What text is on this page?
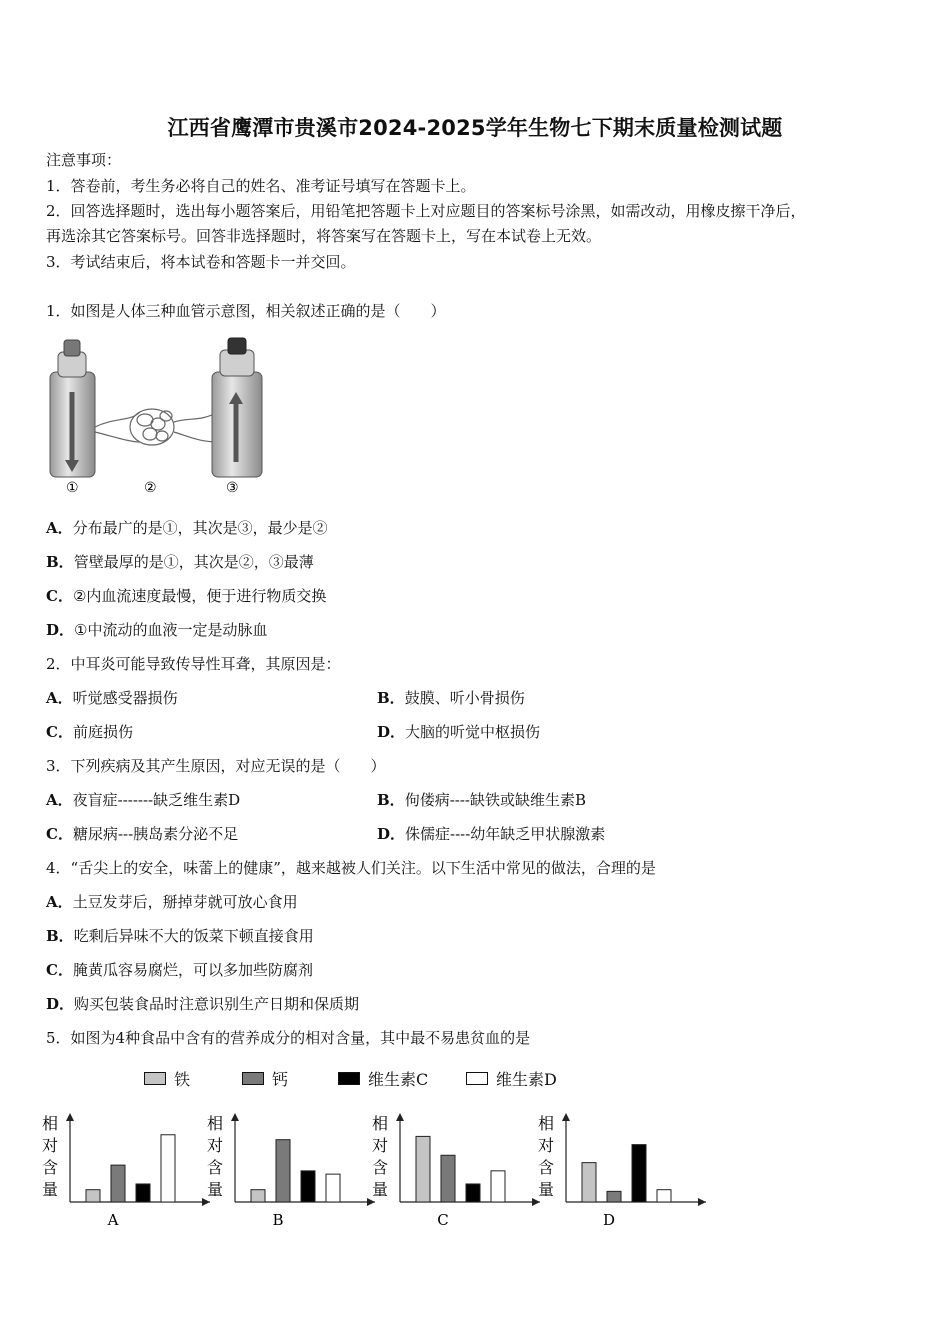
江西省鹰潭市贵溪市2024-2025学年生物七下期末质量检测试题
注意事项：
1．答卷前，考生务必将自己的姓名、准考证号填写在答题卡上。
2．回答选择题时，选出每小题答案后，用铅笔把答题卡上对应题目的答案标号涂黑，如需改动，用橡皮擦干净后，
再选涂其它答案标号。回答非选择题时，将答案写在答题卡上，写在本试卷上无效。
3．考试结束后，将本试卷和答题卡一并交回。
1．如图是人体三种血管示意图，相关叙述正确的是（　　）
①	②	③
A．分布最广的是①，其次是③，最少是②
B．管壁最厚的是①，其次是②，③最薄
C．②内血流速度最慢，便于进行物质交换
D．①中流动的血液一定是动脉血
2．中耳炎可能导致传导性耳聋，其原因是：
A．听觉感受器损伤	B．鼓膜、听小骨损伤
C．前庭损伤	D．大脑的听觉中枢损伤
3．下列疾病及其产生原因，对应无误的是（　　）
A．夜盲症-------缺乏维生素D	B．佝偻病----缺铁或缺维生素B
C．糖尿病---胰岛素分泌不足	D．侏儒症----幼年缺乏甲状腺激素
4．“舌尖上的安全，味蕾上的健康”，越来越被人们关注。以下生活中常见的做法，合理的是
A．土豆发芽后，掰掉芽就可放心食用
B．吃剩后异味不大的饭菜下顿直接食用
C．腌黄瓜容易腐烂，可以多加些防腐剂
D．购买包装食品时注意识别生产日期和保质期
5．如图为4种食品中含有的营养成分的相对含量，其中最不易患贫血的是
铁	钙	维生素C	维生素D
相
对
含
量
A
相
对
含
量
B
相
对
含
量
C
相
对
含
量
D
